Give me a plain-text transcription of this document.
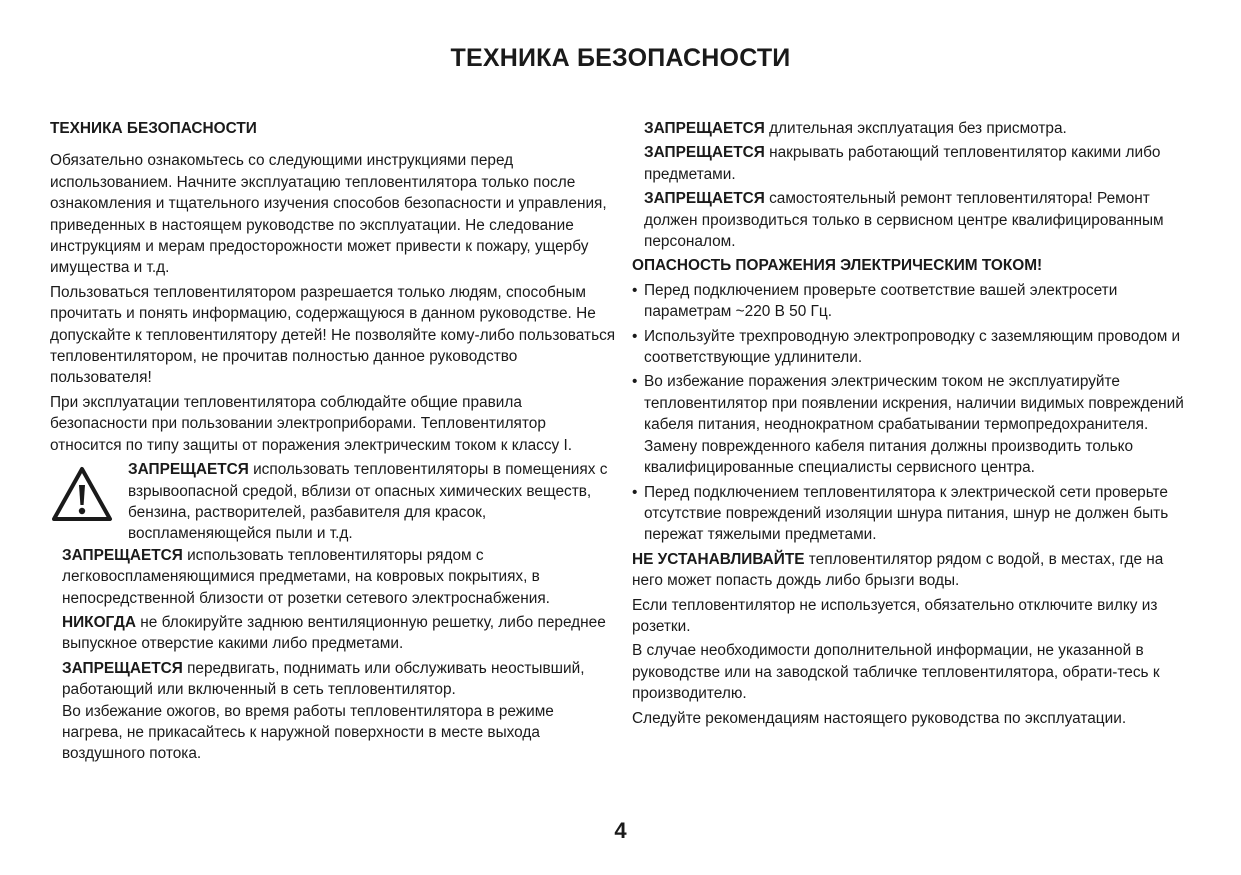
ТЕХНИКА БЕЗОПАСНОСТИ
ТЕХНИКА БЕЗОПАСНОСТИ

Обязательно ознакомьтесь со следующими инструкциями перед использованием. Начните эксплуатацию тепловентилятора только после ознакомления и тщательного изучения способов безопасности и управления, приведенных в настоящем руководстве по эксплуатации. Не следование инструкциям и мерам предосторожности может привести к пожару, ущербу имущества и т.д.

Пользоваться тепловентилятором разрешается только людям, способным прочитать и понять информацию, содержащуюся в данном руководстве. Не допускайте к тепловентилятору детей! Не позволяйте кому-либо пользоваться тепловентилятором, не прочитав полностью данное руководство пользователя!

При эксплуатации тепловентилятора соблюдайте общие правила безопасности при пользовании электроприборами. Тепловентилятор относится по типу защиты от поражения электрическим током к классу I.

ЗАПРЕЩАЕТСЯ использовать тепловентиляторы в помещениях с взрывоопасной средой, вблизи от опасных химических веществ, бензина, растворителей, разбавителя для красок, воспламеняющейся пыли и т.д.

ЗАПРЕЩАЕТСЯ использовать тепловентиляторы рядом с легковоспламеняющимися предметами, на ковровых покрытиях, в непосредственной близости от розетки сетевого электроснабжения.

НИКОГДА не блокируйте заднюю вентиляционную решетку, либо переднее выпускное отверстие какими либо предметами.

ЗАПРЕЩАЕТСЯ передвигать, поднимать или обслуживать неостывший, работающий или включенный в сеть тепловентилятор.

Во избежание ожогов, во время работы тепловентилятора в режиме нагрева, не прикасайтесь к наружной поверхности в месте выхода воздушного потока.

ЗАПРЕЩАЕТСЯ длительная эксплуатация без присмотра.

ЗАПРЕЩАЕТСЯ накрывать работающий тепловентилятор какими либо предметами.

ЗАПРЕЩАЕТСЯ самостоятельный ремонт тепловентилятора! Ремонт должен производиться только в сервисном центре квалифицированным персоналом.

ОПАСНОСТЬ ПОРАЖЕНИЯ ЭЛЕКТРИЧЕСКИМ ТОКОМ!
• Перед подключением проверьте соответствие вашей электросети параметрам ~220 В 50 Гц.
• Используйте трехпроводную электропроводку с заземляющим проводом и соответствующие удлинители.
• Во избежание поражения электрическим током не эксплуатируйте тепловентилятор при появлении искрения, наличии видимых повреждений кабеля питания, неоднократном срабатывании термопредохранителя. Замену поврежденного кабеля питания должны производить только квалифицированные специалисты сервисного центра.
• Перед подключением тепловентилятора к электрической сети проверьте отсутствие повреждений изоляции шнура питания, шнур не должен быть пережат тяжелыми предметами.

НЕ УСТАНАВЛИВАЙТЕ тепловентилятор рядом с водой, в местах, где на него может попасть дождь либо брызги воды.

Если тепловентилятор не используется, обязательно отключите вилку из розетки.

В случае необходимости дополнительной информации, не указанной в руководстве или на заводской табличке тепловентилятора, обрати-тесь к производителю.

Следуйте рекомендациям настоящего руководства по эксплуатации.

4
